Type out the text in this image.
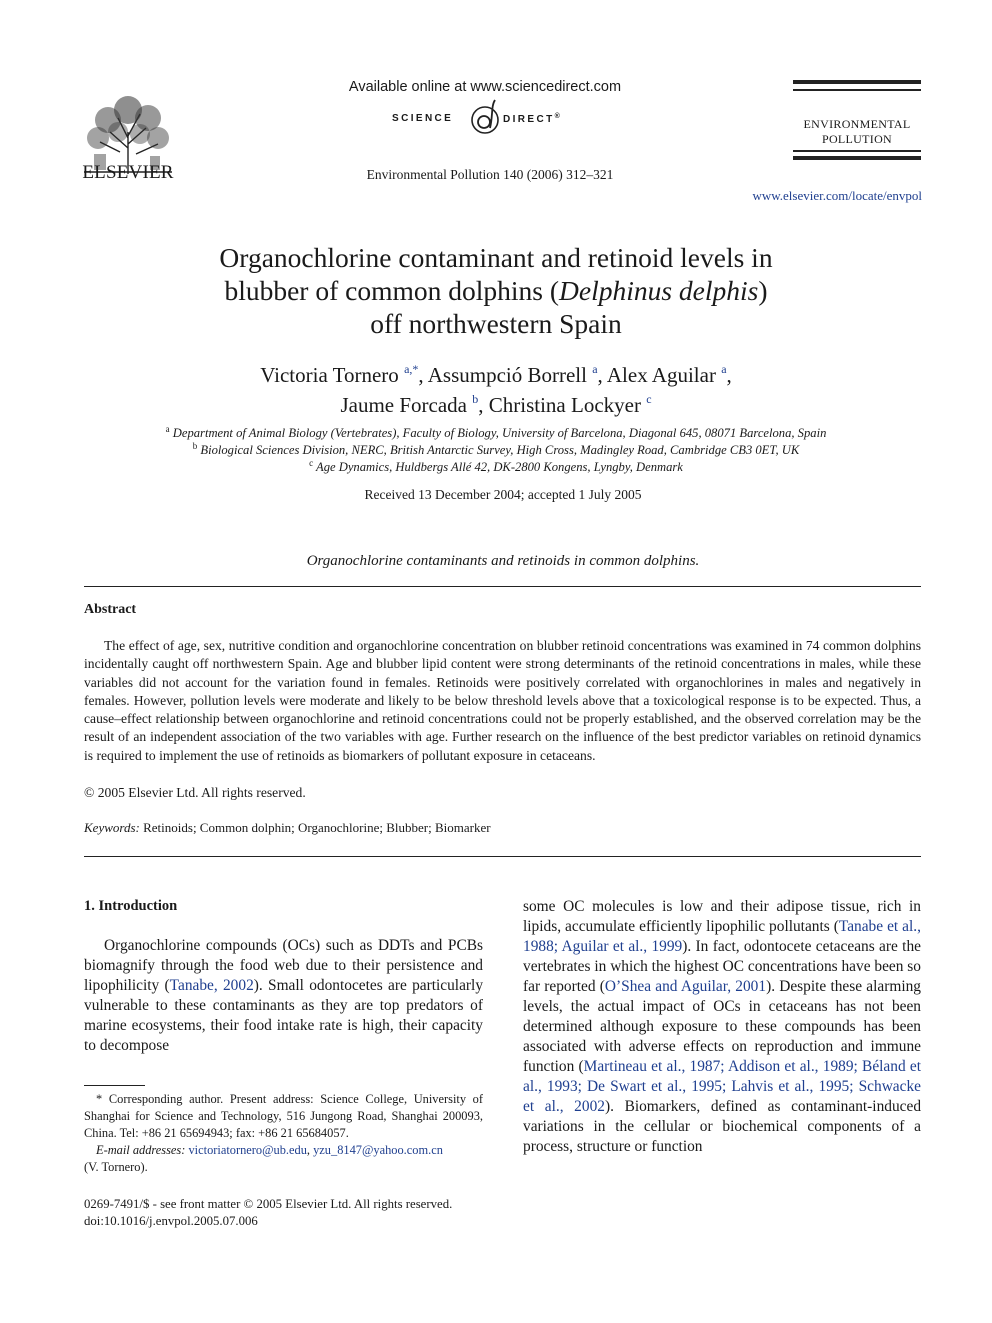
ELSEVIER
Available online at www.sciencedirect.com
SCIENCE	DIRECT®
Environmental Pollution 140 (2006) 312–321
ENVIRONMENTAL
POLLUTION
www.elsevier.com/locate/envpol
Organochlorine contaminant and retinoid levels in
blubber of common dolphins (Delphinus delphis)
off northwestern Spain
Victoria Tornero $^{a,*}$, Assumpció Borrell $^a$, Alex Aguilar $^a$,
Jaume Forcada $^b$, Christina Lockyer $^c$
$^a$ Department of Animal Biology (Vertebrates), Faculty of Biology, University of Barcelona, Diagonal 645, 08071 Barcelona, Spain
$^b$ Biological Sciences Division, NERC, British Antarctic Survey, High Cross, Madingley Road, Cambridge CB3 0ET, UK
$^c$ Age Dynamics, Huldbergs Allé 42, DK-2800 Kongens, Lyngby, Denmark
Received 13 December 2004; accepted 1 July 2005
Organochlorine contaminants and retinoids in common dolphins.
Abstract
The effect of age, sex, nutritive condition and organochlorine concentration on blubber retinoid concentrations was examined in 74 common dolphins incidentally caught off northwestern Spain. Age and blubber lipid content were strong determinants of the retinoid concentrations in males, while these variables did not account for the variation found in females. Retinoids were positively correlated with organochlorines in males and negatively in females. However, pollution levels were moderate and likely to be below threshold levels above that a toxicological response is to be expected. Thus, a cause–effect relationship between organochlorine and retinoid concentrations could not be properly established, and the observed correlation may be the result of an independent association of the two variables with age. Further research on the influence of the best predictor variables on retinoid dynamics is required to implement the use of retinoids as biomarkers of pollutant exposure in cetaceans.
© 2005 Elsevier Ltd. All rights reserved.
Keywords: Retinoids; Common dolphin; Organochlorine; Blubber; Biomarker
1. Introduction
Organochlorine compounds (OCs) such as DDTs and PCBs biomagnify through the food web due to their persistence and lipophilicity (Tanabe, 2002). Small odontocetes are particularly vulnerable to these contaminants as they are top predators of marine ecosystems, their food intake rate is high, their capacity to decompose
some OC molecules is low and their adipose tissue, rich in lipids, accumulate efficiently lipophilic pollutants (Tanabe et al., 1988; Aguilar et al., 1999). In fact, odontocete cetaceans are the vertebrates in which the highest OC concentrations have been so far reported (O’Shea and Aguilar, 2001). Despite these alarming levels, the actual impact of OCs in cetaceans has not been determined although exposure to these compounds has been associated with adverse effects on reproduction and immune function (Martineau et al., 1987; Addison et al., 1989; Béland et al., 1993; De Swart et al., 1995; Lahvis et al., 1995; Schwacke et al., 2002). Biomarkers, defined as contaminant-induced variations in the cellular or biochemical components of a process, structure or function
* Corresponding author. Present address: Science College, University of Shanghai for Science and Technology, 516 Jungong Road, Shanghai 200093, China. Tel: +86 21 65694943; fax: +86 21 65684057.
E-mail addresses: victoriatornero@ub.edu, yzu_8147@yahoo.com.cn
(V. Tornero).
0269-7491/$ - see front matter © 2005 Elsevier Ltd. All rights reserved.
doi:10.1016/j.envpol.2005.07.006
